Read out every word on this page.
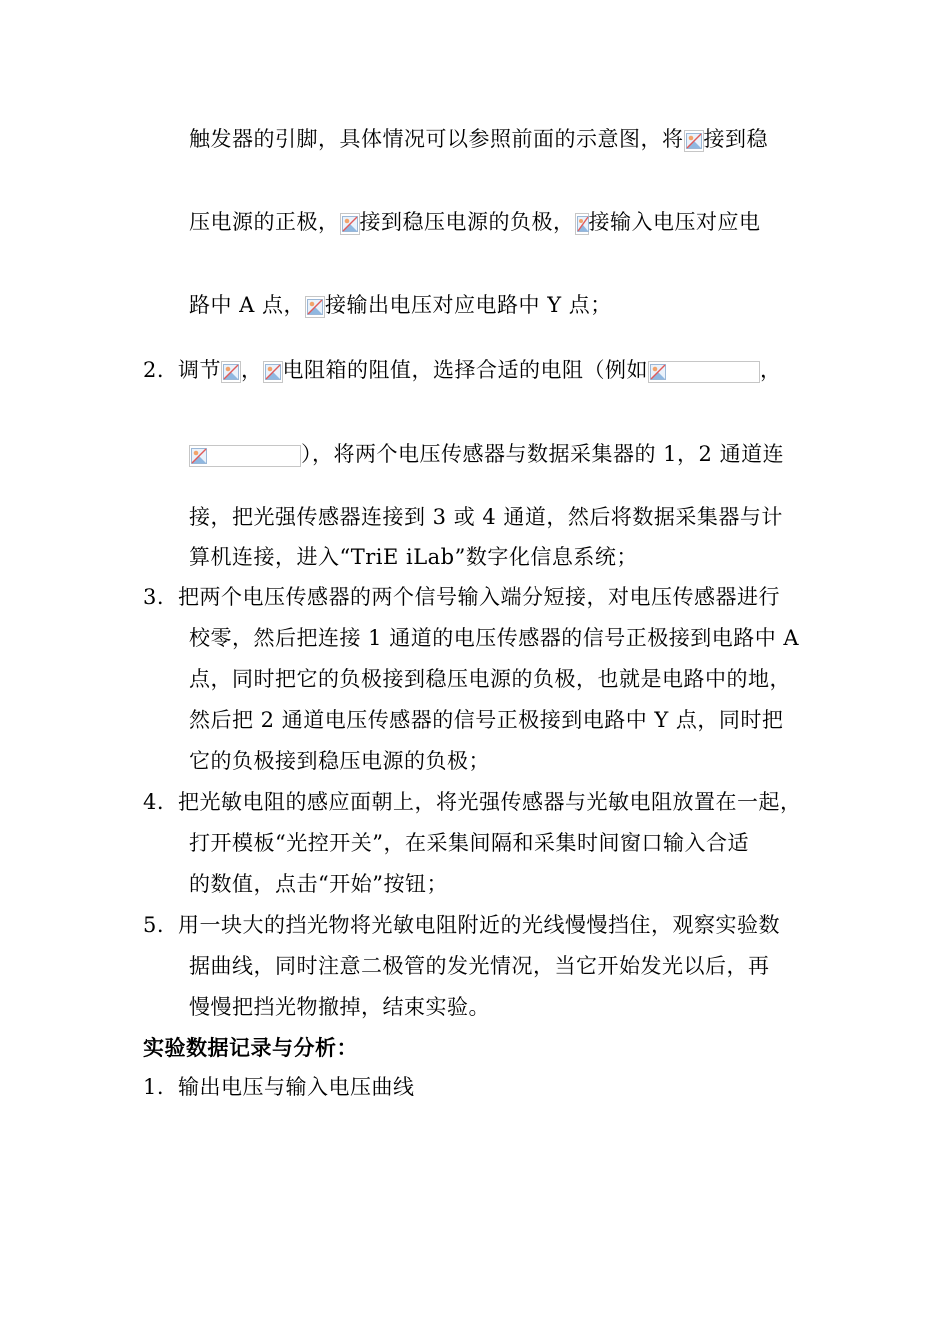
触发器的引脚，具体情况可以参照前面的示意图，将 接到稳
压电源的正极， 接到稳压电源的负极， 接输入电压对应电
路中 A 点， 接输出电压对应电路中 Y 点；
2. 调节 ， 电阻箱的阻值，选择合适的电阻（例如	，
），将两个电压传感器与数据采集器的 1，2 通道连
接，把光强传感器连接到 3 或 4 通道，然后将数据采集器与计
算机连接，进入“TriE iLab”数字化信息系统；
3. 把两个电压传感器的两个信号输入端分短接，对电压传感器进行
校零，然后把连接 1 通道的电压传感器的信号正极接到电路中 A
点，同时把它的负极接到稳压电源的负极，也就是电路中的地，
然后把 2 通道电压传感器的信号正极接到电路中 Y 点，同时把
它的负极接到稳压电源的负极；
4. 把光敏电阻的感应面朝上，将光强传感器与光敏电阻放置在一起，
打开模板“光控开关”，在采集间隔和采集时间窗口输入合适
的数值，点击“开始”按钮；
5. 用一块大的挡光物将光敏电阻附近的光线慢慢挡住，观察实验数
据曲线，同时注意二极管的发光情况，当它开始发光以后，再
慢慢把挡光物撤掉，结束实验。
实验数据记录与分析：
1. 输出电压与输入电压曲线
